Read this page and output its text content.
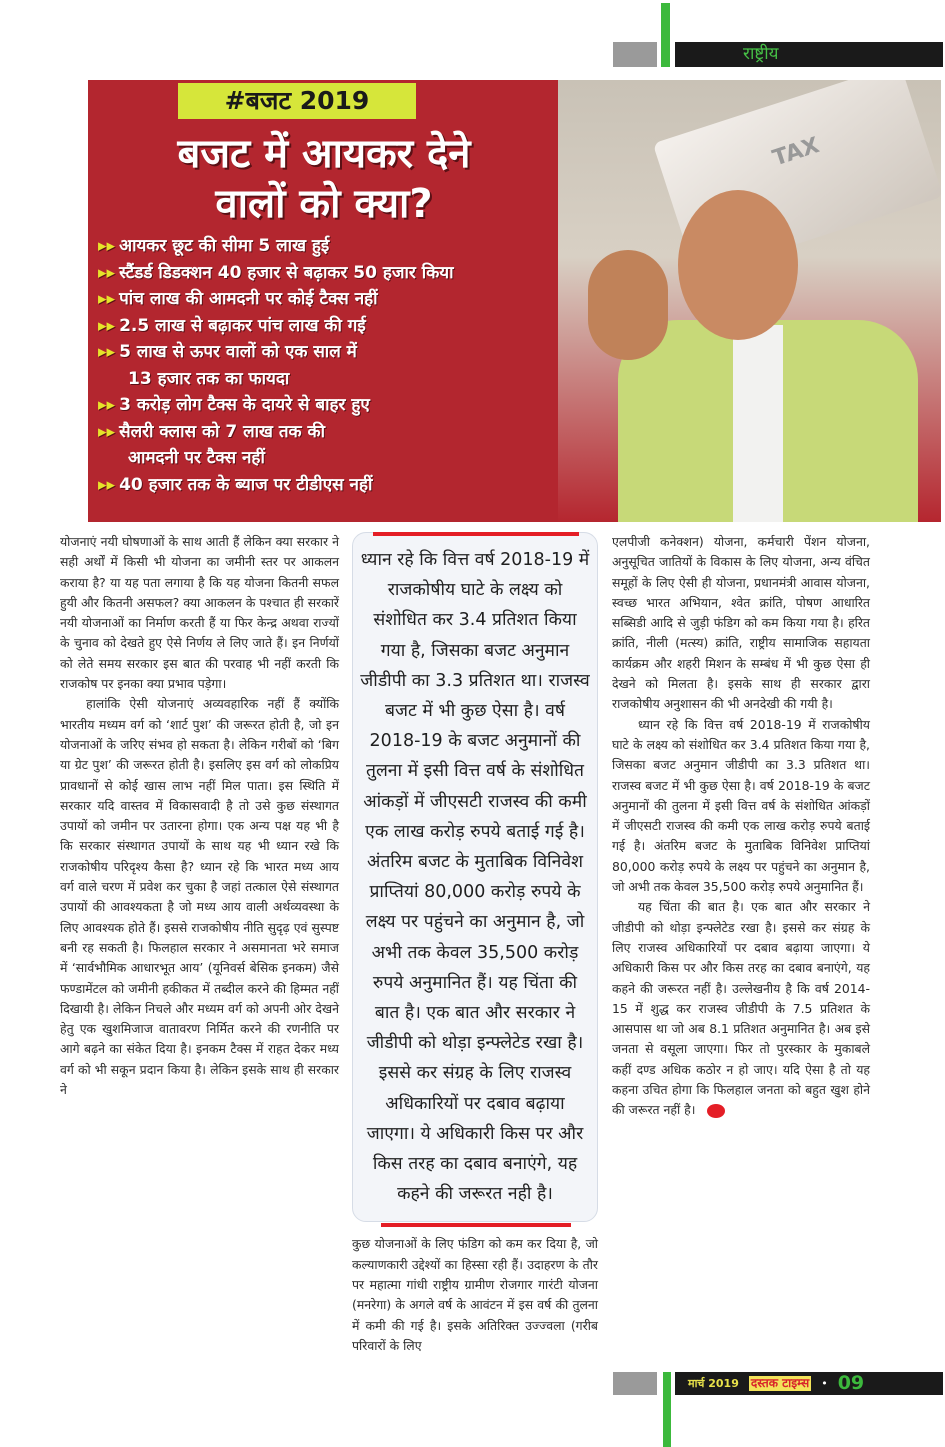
राष्ट्रीय
#बजट 2019
बजट में आयकर देने
वालों को क्या?
▸▸ आयकर छूट की सीमा 5 लाख हुई
▸▸ स्टैंडर्ड डिडक्शन 40 हजार से बढ़ाकर 50 हजार किया
▸▸ पांच लाख की आमदनी पर कोई टैक्स नहीं
▸▸ 2.5 लाख से बढ़ाकर पांच लाख की गई
▸▸ 5 लाख से ऊपर वालों को एक साल में
13 हजार तक का फायदा
▸▸ 3 करोड़ लोग टैक्स के दायरे से बाहर हुए
▸▸ सैलरी क्लास को 7 लाख तक की
आमदनी पर टैक्स नहीं
▸▸ 40 हजार तक के ब्याज पर टीडीएस नहीं
TAX

योजनाएं नयी घोषणाओं के साथ आती हैं लेकिन क्या सरकार ने सही अर्थों में किसी भी योजना का जमीनी स्तर पर आकलन कराया है? या यह पता लगाया है कि यह योजना कितनी सफल हुयी और कितनी असफल? क्या आकलन के पश्चात ही सरकारें नयी योजनाओं का निर्माण करती हैं या फिर केन्द्र अथवा राज्यों के चुनाव को देखते हुए ऐसे निर्णय ले लिए जाते हैं। इन निर्णयों को लेते समय सरकार इस बात की परवाह भी नहीं करती कि राजकोष पर इनका क्या प्रभाव पड़ेगा।

हालांकि ऐसी योजनाएं अव्यवहारिक नहीं हैं क्योंकि भारतीय मध्यम वर्ग को ‘शार्ट पुश’ की जरूरत होती है, जो इन योजनाओं के जरिए संभव हो सकता है। लेकिन गरीबों को ‘बिग या ग्रेट पुश’ की जरूरत होती है। इसलिए इस वर्ग को लोकप्रिय प्रावधानों से कोई खास लाभ नहीं मिल पाता। इस स्थिति में सरकार यदि वास्तव में विकासवादी है तो उसे कुछ संस्थागत उपायों को जमीन पर उतारना होगा। एक अन्य पक्ष यह भी है कि सरकार संस्थागत उपायों के साथ यह भी ध्यान रखे कि राजकोषीय परिदृश्य कैसा है? ध्यान रहे कि भारत मध्य आय वर्ग वाले चरण में प्रवेश कर चुका है जहां तत्काल ऐसे संस्थागत उपायों की आवश्यकता है जो मध्य आय वाली अर्थव्यवस्था के लिए आवश्यक होते हैं। इससे राजकोषीय नीति सुदृढ़ एवं सुस्पष्ट बनी रह सकती है। फिलहाल सरकार ने असमानता भरे समाज में ‘सार्वभौमिक आधारभूत आय’ (यूनिवर्स बेसिक इनकम) जैसे फण्डामेंटल को जमीनी हकीकत में तब्दील करने की हिम्मत नहीं दिखायी है। लेकिन निचले और मध्यम वर्ग को अपनी ओर देखने हेतु एक खुशमिजाज वातावरण निर्मित करने की रणनीति पर आगे बढ़ने का संकेत दिया है। इनकम टैक्स में राहत देकर मध्य वर्ग को भी सकून प्रदान किया है। लेकिन इसके साथ ही सरकार ने

ध्यान रहे कि वित्त वर्ष 2018-19 में राजकोषीय घाटे के लक्ष्य को संशोधित कर 3.4 प्रतिशत किया गया है, जिसका बजट अनुमान जीडीपी का 3.3 प्रतिशत था। राजस्व बजट में भी कुछ ऐसा है। वर्ष 2018-19 के बजट अनुमानों की तुलना में इसी वित्त वर्ष के संशोधित आंकड़ों में जीएसटी राजस्व की कमी एक लाख करोड़ रुपये बताई गई है। अंतरिम बजट के मुताबिक विनिवेश प्राप्तियां 80,000 करोड़ रुपये के लक्ष्य पर पहुंचने का अनुमान है, जो अभी तक केवल 35,500 करोड़ रुपये अनुमानित हैं। यह चिंता की बात है। एक बात और सरकार ने जीडीपी को थोड़ा इन्फ्लेटेड रखा है। इससे कर संग्रह के लिए राजस्व अधिकारियों पर दबाव बढ़ाया जाएगा। ये अधिकारी किस पर और किस तरह का दबाव बनाएंगे, यह कहने की जरूरत नही है।

कुछ योजनाओं के लिए फंडिग को कम कर दिया है, जो कल्याणकारी उद्देश्यों का हिस्सा रही हैं। उदाहरण के तौर पर महात्मा गांधी राष्ट्रीय ग्रामीण रोजगार गारंटी योजना (मनरेगा) के अगले वर्ष के आवंटन में इस वर्ष की तुलना में कमी की गई है। इसके अतिरिक्त उज्ज्वला (गरीब परिवारों के लिए

एलपीजी कनेक्शन) योजना, कर्मचारी पेंशन योजना, अनुसूचित जातियों के विकास के लिए योजना, अन्य वंचित समूहों के लिए ऐसी ही योजना, प्रधानमंत्री आवास योजना, स्वच्छ भारत अभियान, श्वेत क्रांति, पोषण आधारित सब्सिडी आदि से जुड़ी फंडिग को कम किया गया है। हरित क्रांति, नीली (मत्स्य) क्रांति, राष्ट्रीय सामाजिक सहायता कार्यक्रम और शहरी मिशन के सम्बंध में भी कुछ ऐसा ही देखने को मिलता है। इसके साथ ही सरकार द्वारा राजकोषीय अनुशासन की भी अनदेखी की गयी है।

ध्यान रहे कि वित्त वर्ष 2018-19 में राजकोषीय घाटे के लक्ष्य को संशोधित कर 3.4 प्रतिशत किया गया है, जिसका बजट अनुमान जीडीपी का 3.3 प्रतिशत था। राजस्व बजट में भी कुछ ऐसा है। वर्ष 2018-19 के बजट अनुमानों की तुलना में इसी वित्त वर्ष के संशोधित आंकड़ों में जीएसटी राजस्व की कमी एक लाख करोड़ रुपये बताई गई है। अंतरिम बजट के मुताबिक विनिवेश प्राप्तियां 80,000 करोड़ रुपये के लक्ष्य पर पहुंचने का अनुमान है, जो अभी तक केवल 35,500 करोड़ रुपये अनुमानित हैं।

यह चिंता की बात है। एक बात और सरकार ने जीडीपी को थोड़ा इन्फ्लेटेड रखा है। इससे कर संग्रह के लिए राजस्व अधिकारियों पर दबाव बढ़ाया जाएगा। ये अधिकारी किस पर और किस तरह का दबाव बनाएंगे, यह कहने की जरूरत नहीं है। उल्लेखनीय है कि वर्ष 2014-15 में शुद्ध कर राजस्व जीडीपी के 7.5 प्रतिशत के आसपास था जो अब 8.1 प्रतिशत अनुमानित है। अब इसे जनता से वसूला जाएगा। फिर तो पुरस्कार के मुकाबले कहीं दण्ड अधिक कठोर न हो जाए। यदि ऐसा है तो यह कहना उचित होगा कि फिलहाल जनता को बहुत खुश होने की जरूरत नहीं है।

मार्च 2019 दस्तक टाइम्स • 09
